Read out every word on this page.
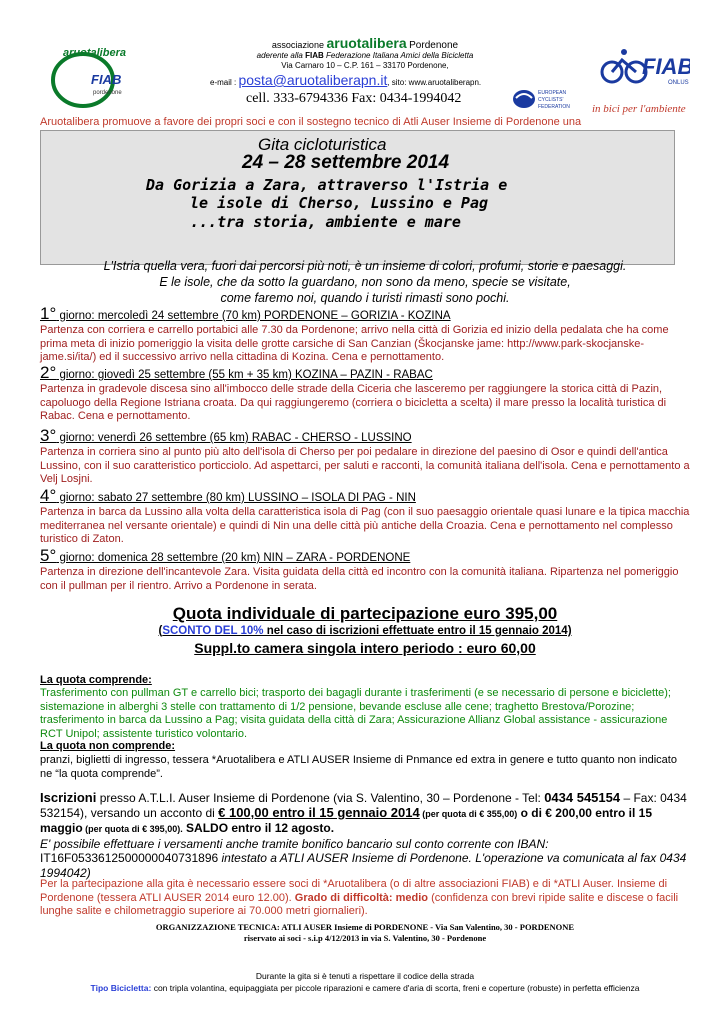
aruotalibera
FIAB
pordenone
associazione aruotalibera Pordenone
aderente alla FIAB Federazione Italiana Amici della Bicicletta
Via Carnaro 10 – C.P. 161 – 33170 Pordenone,
e-mail : posta@aruotaliberapn.it, sito: www.aruotaliberapn.
cell. 333-6794336 Fax: 0434-1994042	EUROPEAN CYCLISTS' FEDERATION
FIAB
ONLUS
in bici per l'ambiente
Aruotalibera promuove a favore dei propri soci e con il sostegno tecnico di Atli Auser Insieme di Pordenone una
Gita cicloturistica
24 – 28 settembre 2014
Da Gorizia a Zara, attraverso l'Istria e
le isole di Cherso, Lussino e Pag
...tra storia, ambiente e mare
L'Istria quella vera, fuori dai percorsi più noti, è un insieme di colori, profumi, storie e paesaggi.
E le isole, che da sotto la guardano, non sono da meno, specie se visitate,
come faremo noi, quando i turisti rimasti sono pochi.
1° giorno: mercoledì 24 settembre (70 km) PORDENONE – GORIZIA - KOZINA
Partenza con corriera e carrello portabici alle 7.30 da Pordenone; arrivo nella città di Gorizia ed inizio della pedalata che ha come prima meta di inizio pomeriggio la visita delle grotte carsiche di San Canzian (Škocjanske jame: http://www.park-skocjanske-jame.si/ita/) ed il successivo arrivo nella cittadina di Kozina. Cena e pernottamento.
2° giorno: giovedì 25 settembre (55 km + 35 km) KOZINA – PAZIN - RABAC
Partenza in gradevole discesa sino all'imbocco delle strade della Ciceria che lasceremo per raggiungere la storica città di Pazin, capoluogo della Regione Istriana croata. Da qui raggiungeremo (corriera o bicicletta a scelta) il mare presso la località turistica di Rabac. Cena e pernottamento.
3° giorno: venerdì 26 settembre (65 km) RABAC - CHERSO - LUSSINO
Partenza in corriera sino al punto più alto dell'isola di Cherso per poi pedalare in direzione del paesino di Osor e quindi dell'antica Lussino, con il suo caratteristico porticciolo. Ad aspettarci, per saluti e racconti, la comunità italiana dell'isola. Cena e pernottamento a Velj Losjni.
4° giorno: sabato 27 settembre (80 km) LUSSINO – ISOLA DI PAG - NIN
Partenza in barca da Lussino alla volta della caratteristica isola di Pag (con il suo paesaggio orientale quasi lunare e la tipica macchia mediterranea nel versante orientale) e quindi di Nin una delle città più antiche della Croazia. Cena e pernottamento nel complesso turistico di Zaton.
5° giorno: domenica 28 settembre (20 km) NIN – ZARA - PORDENONE
Partenza in direzione dell'incantevole Zara. Visita guidata della città ed incontro con la comunità italiana. Ripartenza nel pomeriggio con il pullman per il rientro. Arrivo a Pordenone in serata.
Quota individuale di partecipazione euro 395,00
(SCONTO DEL 10% nel caso di iscrizioni effettuate entro il 15 gennaio 2014)
Suppl.to camera singola intero periodo : euro 60,00
La quota comprende:
Trasferimento con pullman GT e carrello bici; trasporto dei bagagli durante i trasferimenti (e se necessario di persone e biciclette); sistemazione in alberghi 3 stelle con trattamento di 1/2 pensione, bevande escluse alle cene; traghetto Brestova/Porozine; trasferimento in barca da Lussino a Pag; visita guidata della città di Zara; Assicurazione Allianz Global assistance - assicurazione RCT Unipol; assistente turistico volontario.
La quota non comprende:
pranzi, biglietti di ingresso, tessera *Aruotalibera e ATLI AUSER Insieme di Pnmance ed extra in genere e tutto quanto non indicato ne “la quota comprende”.
Iscrizioni presso A.T.L.I. Auser Insieme di Pordenone (via S. Valentino, 30 – Pordenone - Tel: 0434 545154 – Fax: 0434 532154), versando un acconto di € 100,00 entro il 15 gennaio 2014 (per quota di € 355,00) o di € 200,00 entro il 15 maggio (per quota di € 395,00). SALDO entro il 12 agosto.
E' possibile effettuare i versamenti anche tramite bonifico bancario sul conto corrente con IBAN:
IT16F0533612500000040731896 intestato a ATLI AUSER Insieme di Pordenone. L'operazione va comunicata al fax 0434 1994042)
Per la partecipazione alla gita è necessario essere soci di *Aruotalibera (o di altre associazioni FIAB) e di *ATLI Auser. Insieme di Pordenone (tessera ATLI AUSER 2014 euro 12.00). Grado di difficoltà: medio (confidenza con brevi ripide salite e discese o facili lunghe salite e chilometraggio superiore ai 70.000 metri giornalieri).
ORGANIZZAZIONE TECNICA: ATLI AUSER Insieme di PORDENONE - Via San Valentino, 30 - PORDENONE
riservato ai soci - s.i.p 4/12/2013 in via S. Valentino, 30 - Pordenone
Durante la gita si è tenuti a rispettare il codice della strada
Tipo Bicicletta: con tripla volantina, equipaggiata per piccole riparazioni e camere d'aria di scorta, freni e coperture (robuste) in perfetta efficienza
